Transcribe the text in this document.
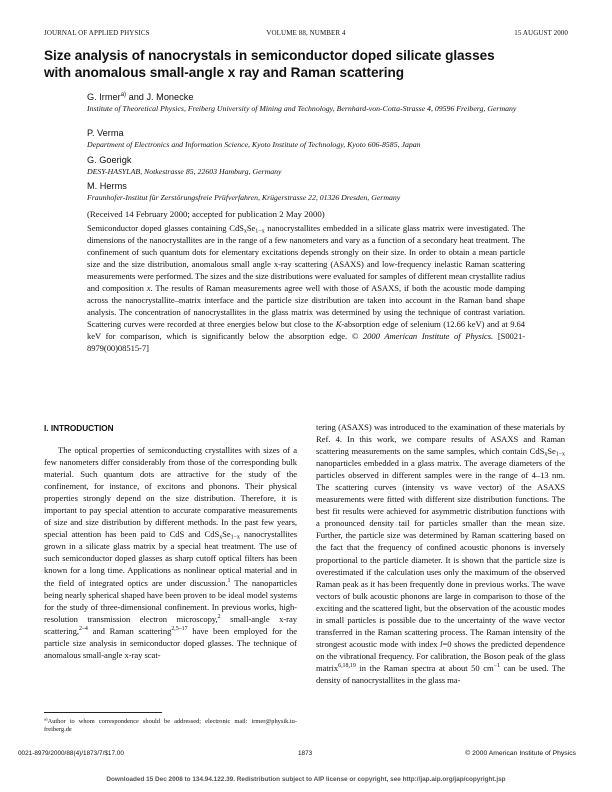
JOURNAL OF APPLIED PHYSICS	VOLUME 88, NUMBER 4	15 AUGUST 2000
Size analysis of nanocrystals in semiconductor doped silicate glasses
with anomalous small-angle x ray and Raman scattering
G. Irmer$^{a)}$ and J. Monecke
Institute of Theoretical Physics, Freiberg University of Mining and Technology, Bernhard-von-Cotta-Strasse 4, 09596 Freiberg, Germany
P. Verma
Department of Electronics and Information Science, Kyoto Institute of Technology, Kyoto 606-8585, Japan
G. Goerigk
DESY-HASYLAB, Notkestrasse 85, 22603 Hamburg, Germany
M. Herms
Fraunhofer-Institut für Zerstörungsfreie Prüfverfahren, Krügerstrasse 22, 01326 Dresden, Germany
(Received 14 February 2000; accepted for publication 2 May 2000)
Semiconductor doped glasses containing $CdS_xSe_{1-x}$ nanocrystallites embedded in a silicate glass matrix were investigated. The dimensions of the nanocrystallites are in the range of a few nanometers and vary as a function of a secondary heat treatment. The confinement of such quantum dots for elementary excitations depends strongly on their size. In order to obtain a mean particle size and the size distribution, anomalous small angle x-ray scattering (ASAXS) and low-frequency inelastic Raman scattering measurements were performed. The sizes and the size distributions were evaluated for samples of different mean crystallite radius and composition x. The results of Raman measurements agree well with those of ASAXS, if both the acoustic mode damping across the nanocrystallite–matrix interface and the particle size distribution are taken into account in the Raman band shape analysis. The concentration of nanocrystallites in the glass matrix was determined by using the technique of contrast variation. Scattering curves were recorded at three energies below but close to the K-absorption edge of selenium (12.66 keV) and at 9.64 keV for comparison, which is significantly below the absorption edge. © 2000 American Institute of Physics. [S0021-8979(00)08515-7]
I. INTRODUCTION
The optical properties of semiconducting crystallites with sizes of a few nanometers differ considerably from those of the corresponding bulk material. Such quantum dots are attractive for the study of the confinement, for instance, of excitons and phonons. Their physical properties strongly depend on the size distribution. Therefore, it is important to pay special attention to accurate comparative measurements of size and size distribution by different methods. In the past few years, special attention has been paid to CdS and $CdS_xSe_{1-x}$ nanocrystallites grown in a silicate glass matrix by a special heat treatment. The use of such semiconductor doped glasses as sharp cutoff optical filters has been known for a long time. Applications as nonlinear optical material and in the field of integrated optics are under discussion.$^1$ The nanoparticles being nearly spherical shaped have been proven to be ideal model systems for the study of three-dimensional confinement. In previous works, high-resolution transmission electron microscopy,$^2$ small-angle x-ray scattering,$^{2-4}$ and Raman scattering$^{2,5-17}$ have been employed for the particle size analysis in semiconductor doped glasses. The technique of anomalous small-angle x-ray scat-
tering (ASAXS) was introduced to the examination of these materials by Ref. 4. In this work, we compare results of ASAXS and Raman scattering measurements on the same samples, which contain $CdS_xSe_{1-x}$ nanoparticles embedded in a glass matrix. The average diameters of the particles observed in different samples were in the range of 4–13 nm. The scattering curves (intensity vs wave vector) of the ASAXS measurements were fitted with different size distribution functions. The best fit results were achieved for asymmetric distribution functions with a pronounced density tail for particles smaller than the mean size. Further, the particle size was determined by Raman scattering based on the fact that the frequency of confined acoustic phonons is inversely proportional to the particle diameter. It is shown that the particle size is overestimated if the calculation uses only the maximum of the observed Raman peak as it has been frequently done in previous works. The wave vectors of bulk acoustic phonons are large in comparison to those of the exciting and the scattered light, but the observation of the acoustic modes in small particles is possible due to the uncertainty of the wave vector transferred in the Raman scattering process. The Raman intensity of the strongest acoustic mode with index l=0 shows the predicted dependence on the vibrational frequency. For calibration, the Boson peak of the glass matrix$^{6,18,19}$ in the Raman spectra at about 50 $cm^{-1}$ can be used. The density of nanocrystallites in the glass ma-
$^{a)}$Author to whom correspondence should be addressed; electronic mail: irmer@physik.tu-freiberg.de
0021-8979/2000/88(4)/1873/7/$17.00	1873	© 2000 American Institute of Physics
Downloaded 15 Dec 2008 to 134.94.122.39. Redistribution subject to AIP license or copyright, see http://jap.aip.org/jap/copyright.jsp
